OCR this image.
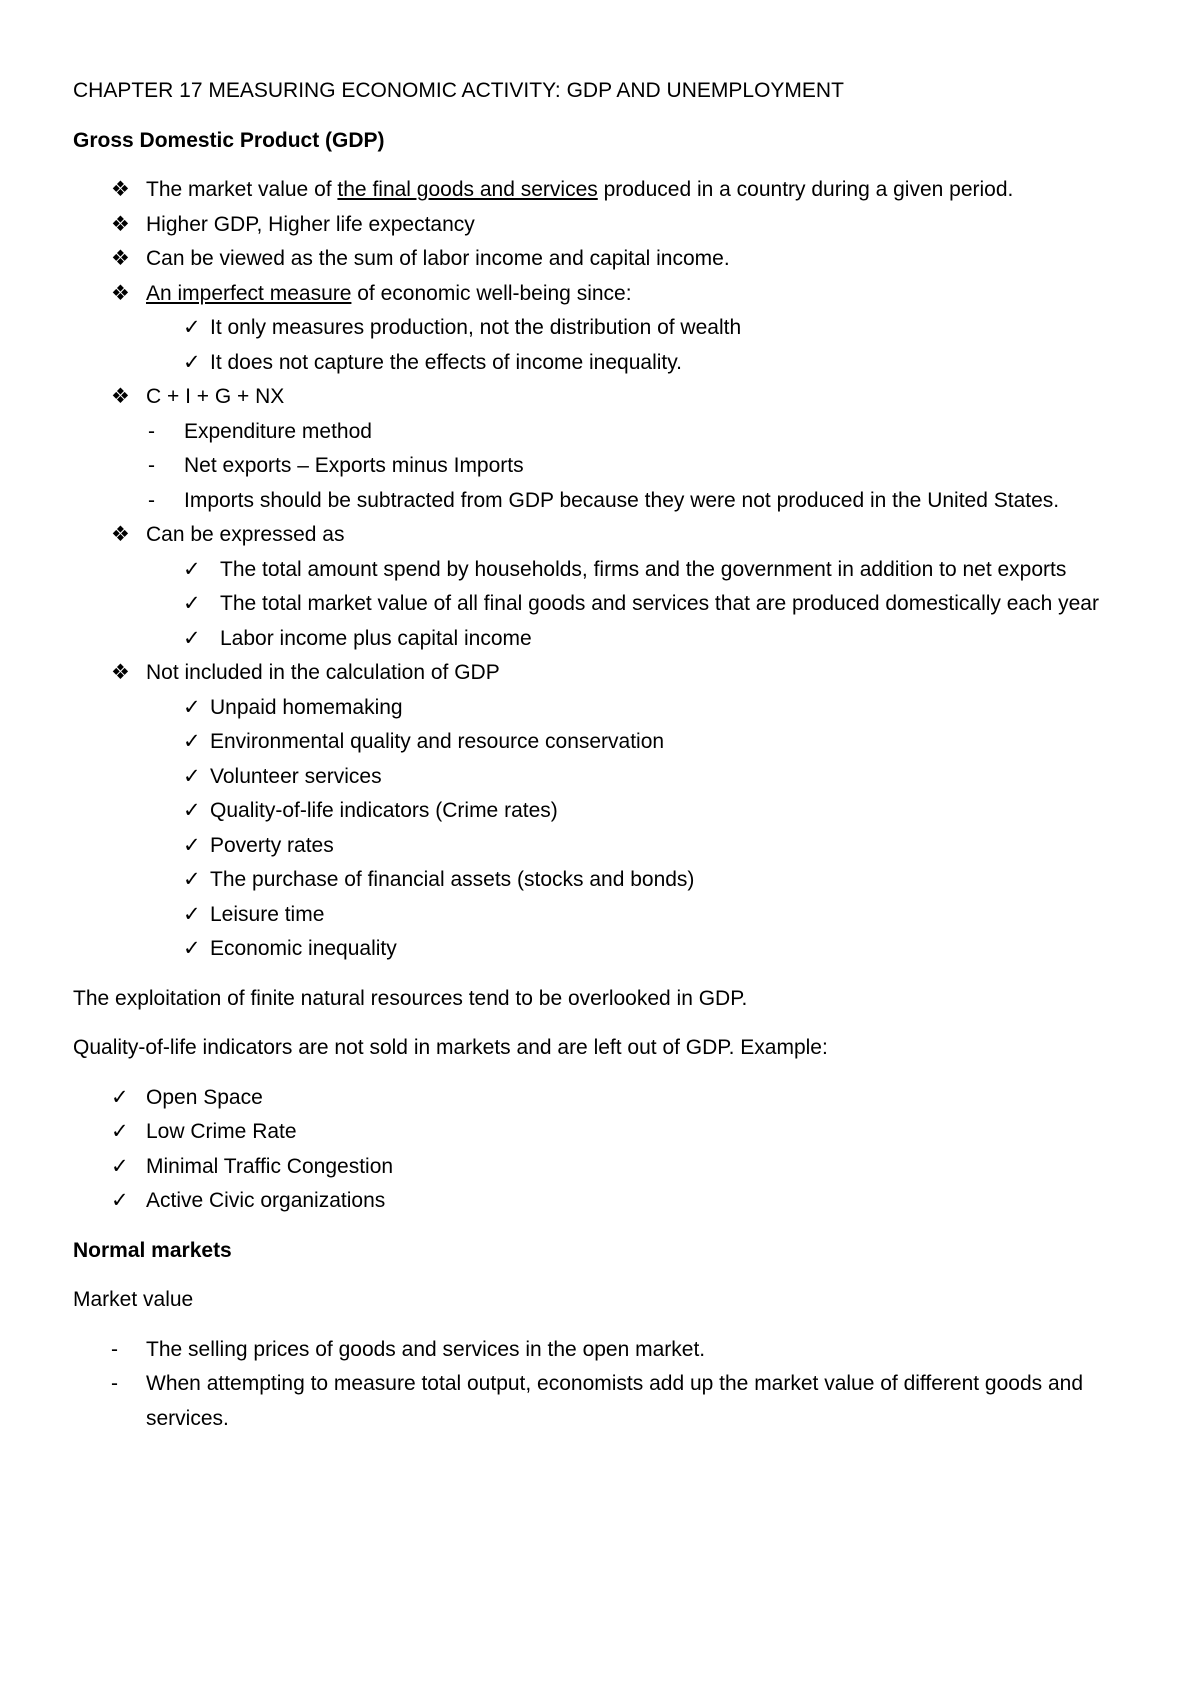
CHAPTER 17 MEASURING ECONOMIC ACTIVITY: GDP AND UNEMPLOYMENT
Gross Domestic Product (GDP)
❖ The market value of the final goods and services produced in a country during a given period.
❖ Higher GDP, Higher life expectancy
❖ Can be viewed as the sum of labor income and capital income.
❖ An imperfect measure of economic well-being since:
✓ It only measures production, not the distribution of wealth
✓ It does not capture the effects of income inequality.
❖ C + I + G + NX
- Expenditure method
- Net exports – Exports minus Imports
- Imports should be subtracted from GDP because they were not produced in the United States.
❖ Can be expressed as
✓ The total amount spend by households, firms and the government in addition to net exports
✓ The total market value of all final goods and services that are produced domestically each year
✓ Labor income plus capital income
❖ Not included in the calculation of GDP
✓ Unpaid homemaking
✓ Environmental quality and resource conservation
✓ Volunteer services
✓ Quality-of-life indicators (Crime rates)
✓ Poverty rates
✓ The purchase of financial assets (stocks and bonds)
✓ Leisure time
✓ Economic inequality
The exploitation of finite natural resources tend to be overlooked in GDP.
Quality-of-life indicators are not sold in markets and are left out of GDP. Example:
✓ Open Space
✓ Low Crime Rate
✓ Minimal Traffic Congestion
✓ Active Civic organizations
Normal markets
Market value
- The selling prices of goods and services in the open market.
- When attempting to measure total output, economists add up the market value of different goods and services.
